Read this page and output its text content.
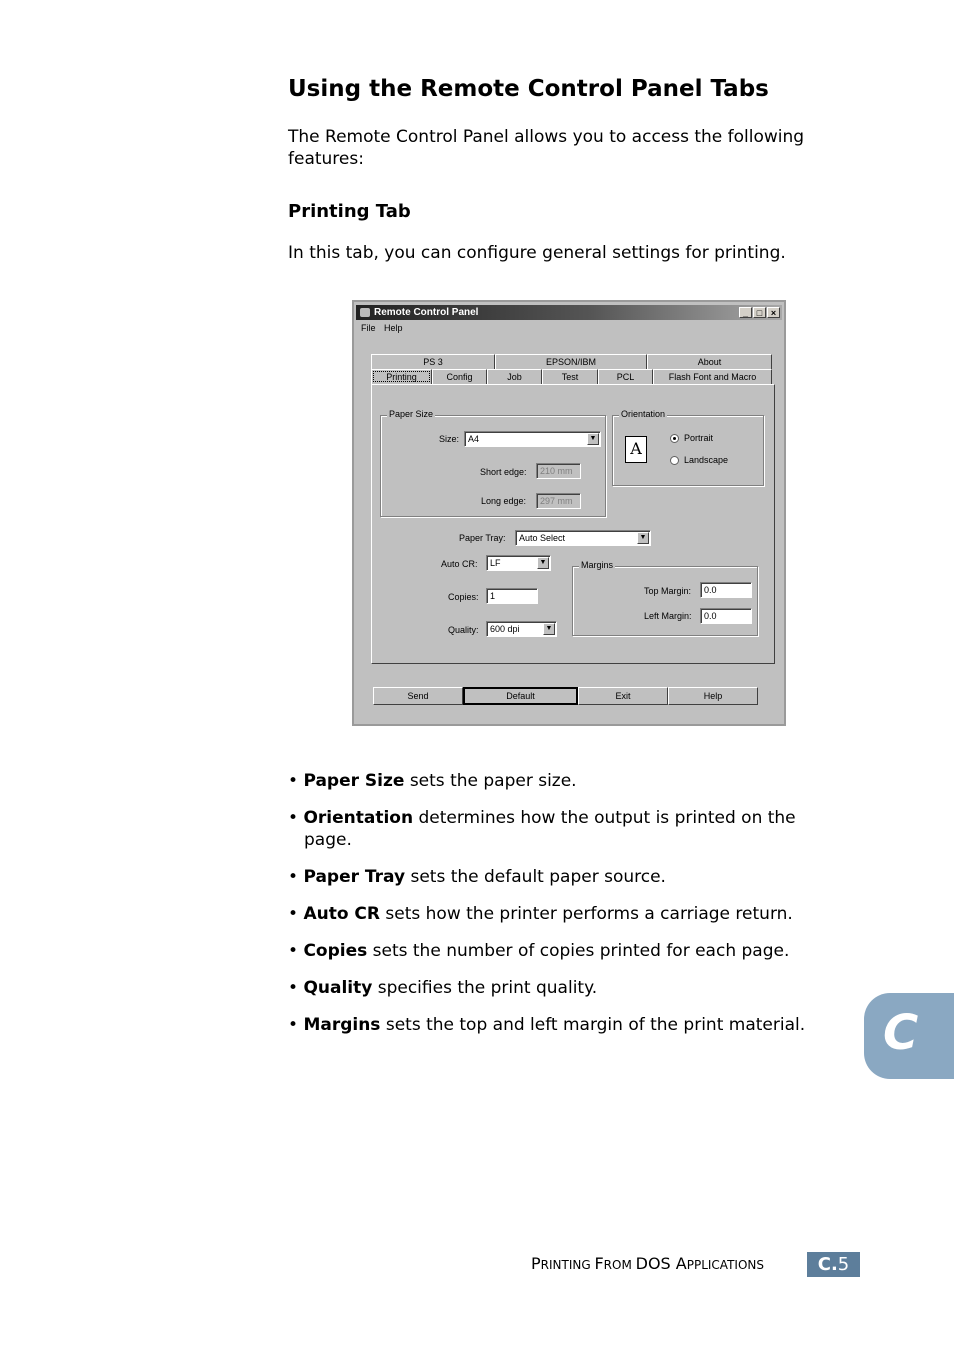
Using the Remote Control Panel Tabs
The Remote Control Panel allows you to access the following
features:
Printing Tab
In this tab, you can configure general settings for printing.
Remote Control Panel	_ □ ×
File Help
PS 3	EPSON/IBM	About
Printing	Config	Job	Test	PCL	Flash Font and Macro
Paper Size
Size: A4	▼
Short edge:	210 mm
Long edge:	297 mm
Orientation
A
Portrait
Landscape
Paper Tray:	Auto Select	▼
Auto CR:	LF	▼
Copies:	1
Quality:	600 dpi	▼
Margins
Top Margin:	0.0
Left Margin:	0.0
Send	Default	Exit	Help
• Paper Size sets the paper size.
• Orientation determines how the output is printed on the page.
• Paper Tray sets the default paper source.
• Auto CR sets how the printer performs a carriage return.
• Copies sets the number of copies printed for each page.
• Quality specifies the print quality.
• Margins sets the top and left margin of the print material.	C
PRINTING FROM DOS APPLICATIONS	C.5
